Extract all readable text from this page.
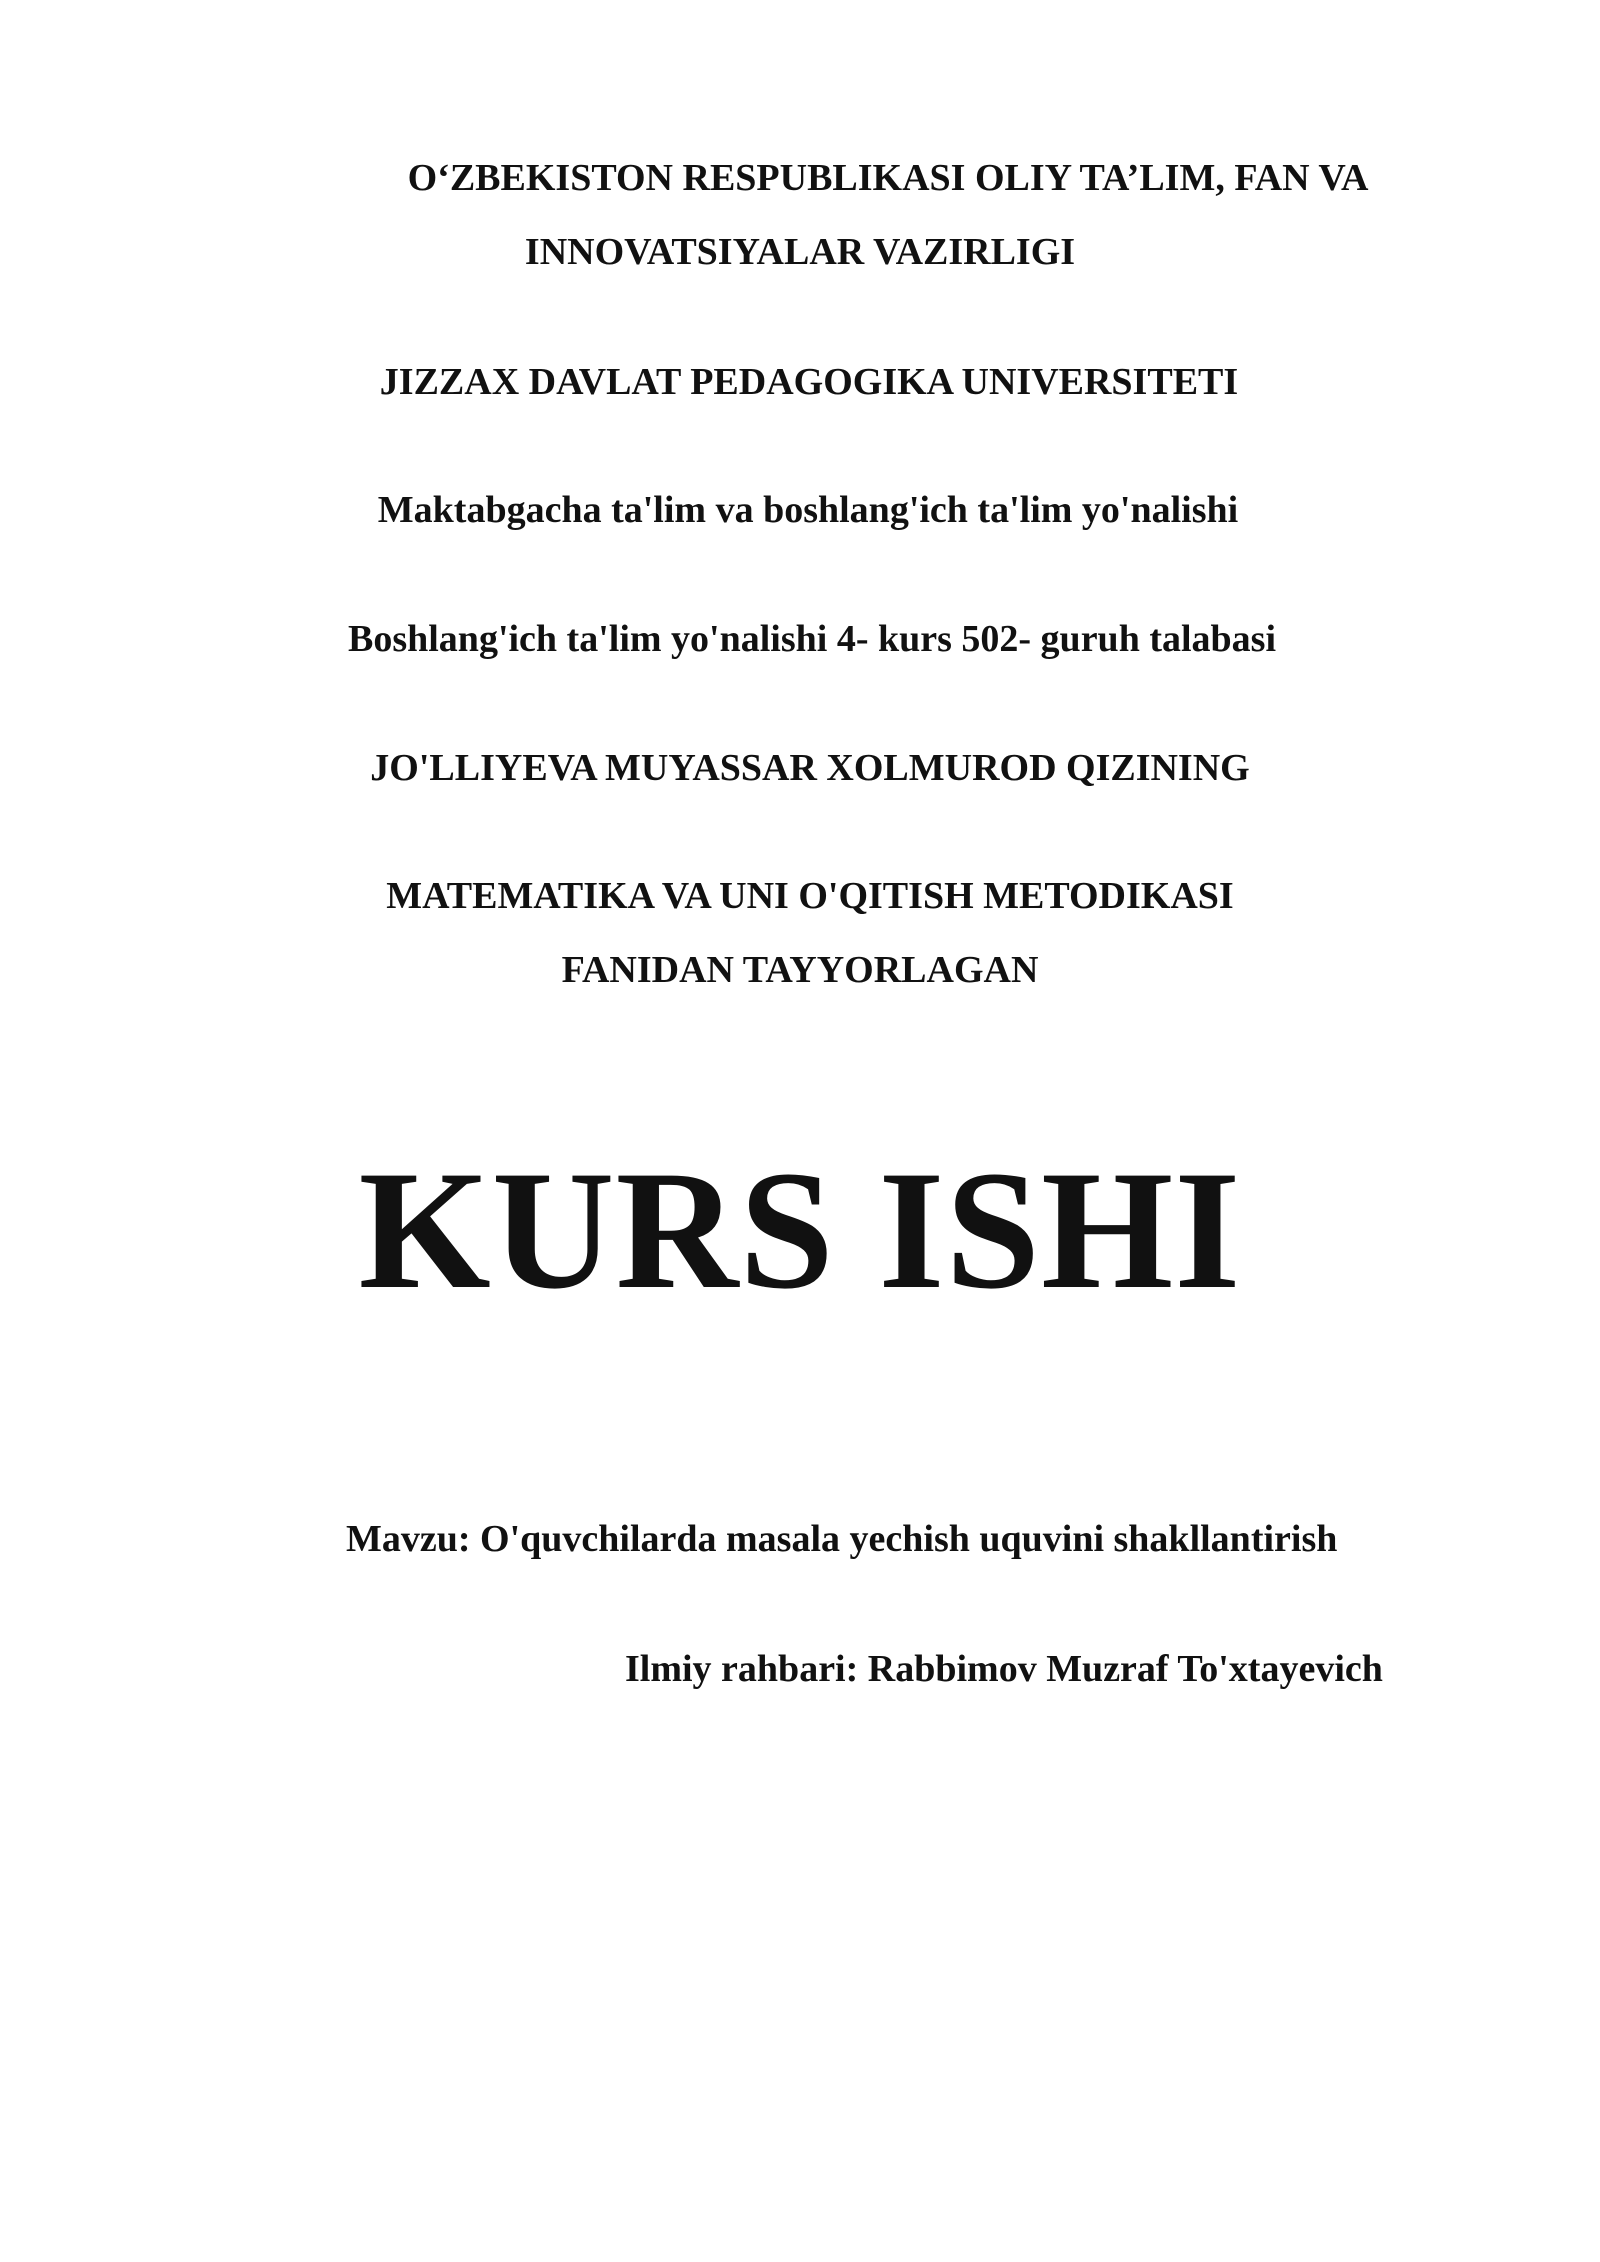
O‘ZBEKISTON RESPUBLIKASI OLIY TA’LIM, FAN VA
INNOVATSIYALAR VAZIRLIGI
JIZZAX DAVLAT PEDAGOGIKA UNIVERSITETI
Maktabgacha ta'lim va boshlang'ich ta'lim yo'nalishi
Boshlang'ich ta'lim yo'nalishi 4- kurs 502- guruh talabasi
JO'LLIYEVA MUYASSAR XOLMUROD QIZINING
MATEMATIKA VA UNI O'QITISH METODIKASI
FANIDAN TAYYORLAGAN
KURS ISHI
Mavzu: O'quvchilarda masala yechish uquvini shakllantirish
Ilmiy rahbari: Rabbimov Muzraf To'xtayevich
